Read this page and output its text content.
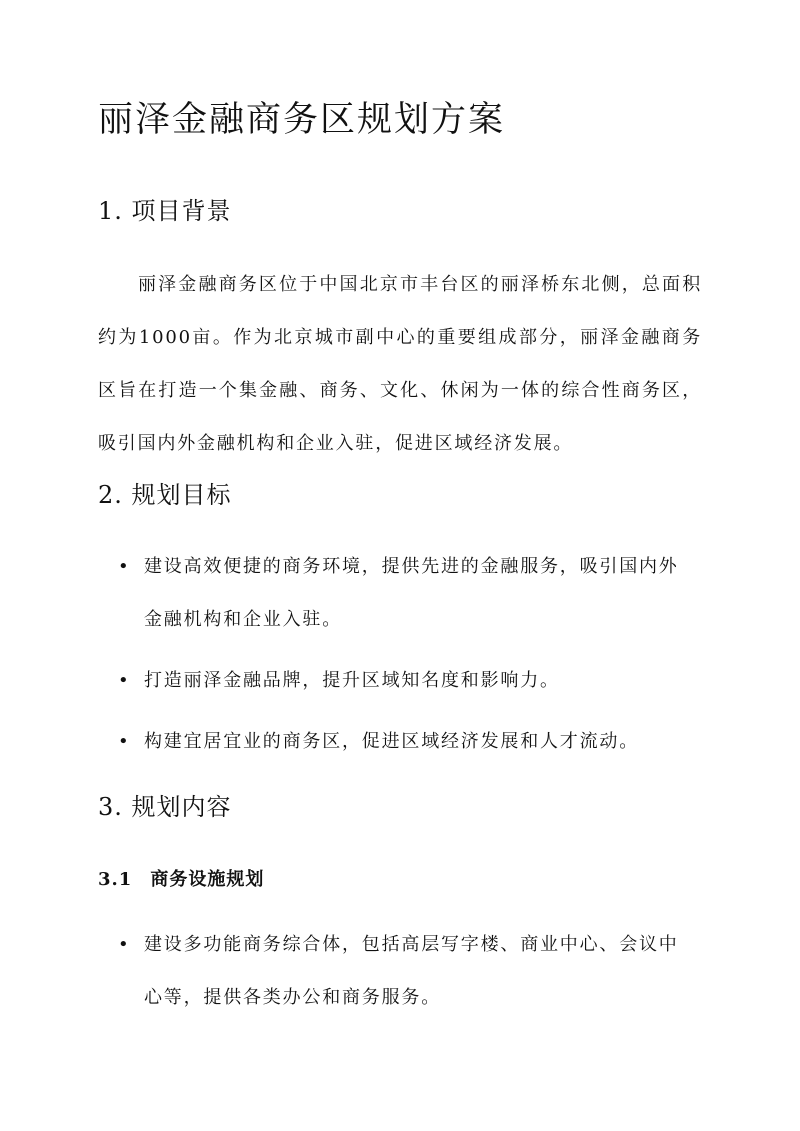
丽泽金融商务区规划方案
1. 项目背景

丽泽金融商务区位于中国北京市丰台区的丽泽桥东北侧，总面积约为1000亩。作为北京城市副中心的重要组成部分，丽泽金融商务区旨在打造一个集金融、商务、文化、休闲为一体的综合性商务区，吸引国内外金融机构和企业入驻，促进区域经济发展。

2. 规划目标
• 建设高效便捷的商务环境，提供先进的金融服务，吸引国内外金融机构和企业入驻。
• 打造丽泽金融品牌，提升区域知名度和影响力。
• 构建宜居宜业的商务区，促进区域经济发展和人才流动。
3. 规划内容
3.1 商务设施规划
• 建设多功能商务综合体，包括高层写字楼、商业中心、会议中心等，提供各类办公和商务服务。
